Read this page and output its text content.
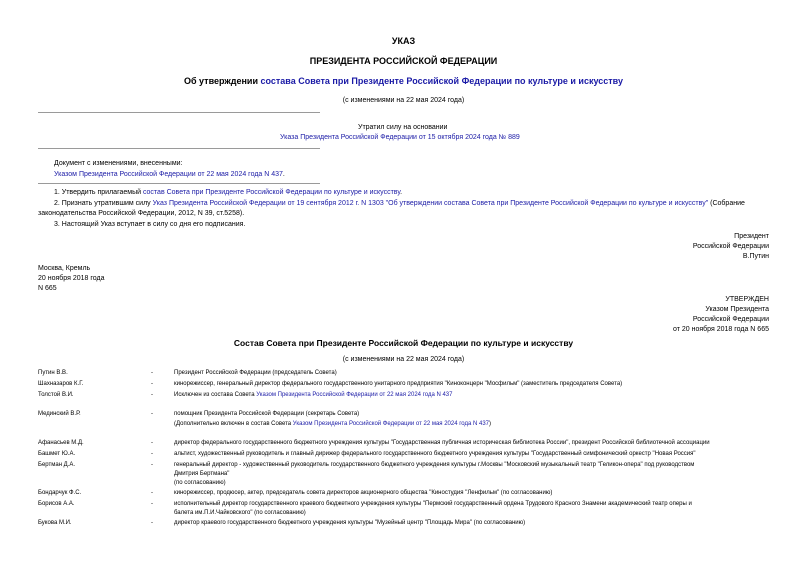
УКАЗ
ПРЕЗИДЕНТА РОССИЙСКОЙ ФЕДЕРАЦИИ
Об утверждении состава Совета при Президенте Российской Федерации по культуре и искусству
(с изменениями на 22 мая 2024 года)
Утратил силу на основании
Указа Президента Российской Федерации от 15 октября 2024 года № 889
Документ с изменениями, внесенными:
Указом Президента Российской Федерации от 22 мая 2024 года N 437.
1. Утвердить прилагаемый состав Совета при Президенте Российской Федерации по культуре и искусству.
2. Признать утратившим силу Указ Президента Российской Федерации от 19 сентября 2012 г. N 1303 "Об утверждении состава Совета при Президенте Российской Федерации по культуре и искусству" (Собрание
законодательства Российской Федерации, 2012, N 39, ст.5258).
3. Настоящий Указ вступает в силу со дня его подписания.
Президент
Российской Федерации
В.Путин
Москва, Кремль
20 ноября 2018 года
N 665
УТВЕРЖДЕН
Указом Президента
Российской Федерации
от 20 ноября 2018 года N 665
Состав Совета при Президенте Российской Федерации по культуре и искусству
(с изменениями на 22 мая 2024 года)
Путин В.В.	-	Президент Российской Федерации (председатель Совета)
Шахназаров К.Г.	-	кинорежиссер, генеральный директор федерального государственного унитарного предприятия "Киноконцерн "Мосфильм" (заместитель председателя Совета)
Толстой В.И.	-	Исключен из состава Совета Указом Президента Российской Федерации от 22 мая 2024 года N 437
Мединский В.Р.	-	помощник Президента Российской Федерации (секретарь Совета)
(Дополнительно включен в состав Совета Указом Президента Российской Федерации от 22 мая 2024 года N 437)
Афанасьев М.Д.	-	директор федерального государственного бюджетного учреждения культуры "Государственная публичная историческая библиотека России", президент Российской библиотечной ассоциации
Башмет Ю.А.	-	альтист, художественный руководитель и главный дирижер федерального государственного бюджетного учреждения культуры "Государственный симфонический оркестр "Новая Россия"
Бертман Д.А.	-	генеральный директор - художественный руководитель государственного бюджетного учреждения культуры г.Москвы "Московский музыкальный театр "Геликон-опера" под руководством
Дмитрия Бертмана"
(по согласованию)
Бондарчук Ф.С.	-	кинорежиссер, продюсер, актер, председатель совета директоров акционерного общества "Киностудия "Ленфильм" (по согласованию)
Борисов А.А.	-	исполнительный директор государственного краевого бюджетного учреждения культуры "Пермский государственный ордена Трудового Красного Знамени академический театр оперы и
балета им.П.И.Чайковского" (по согласованию)
Букова М.И.	-	директор краевого государственного бюджетного учреждения культуры "Музейный центр "Площадь Мира" (по согласованию)
